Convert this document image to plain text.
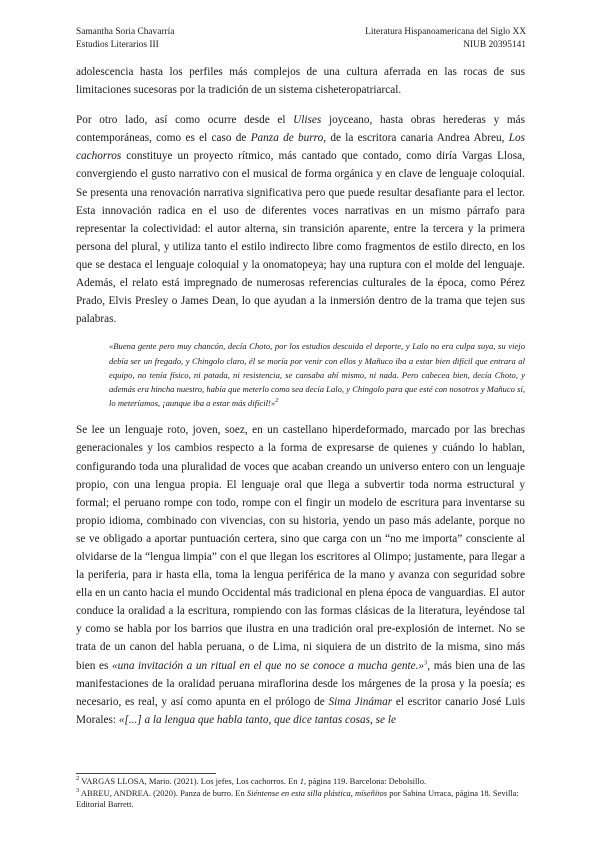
Samantha Soria Chavarría
Estudios Literarios III
Literatura Hispanoamericana del Siglo XX
NIUB 20395141

adolescencia hasta los perfiles más complejos de una cultura aferrada en las rocas de sus limitaciones sucesoras por la tradición de un sistema cisheteropatriarcal.

Por otro lado, así como ocurre desde el Ulises joyceano, hasta obras herederas y más contemporáneas, como es el caso de Panza de burro, de la escritora canaria Andrea Abreu, Los cachorros constituye un proyecto rítmico, más cantado que contado, como diría Vargas Llosa, convergiendo el gusto narrativo con el musical de forma orgánica y en clave de lenguaje coloquial. Se presenta una renovación narrativa significativa pero que puede resultar desafiante para el lector. Esta innovación radica en el uso de diferentes voces narrativas en un mismo párrafo para representar la colectividad: el autor alterna, sin transición aparente, entre la tercera y la primera persona del plural, y utiliza tanto el estilo indirecto libre como fragmentos de estilo directo, en los que se destaca el lenguaje coloquial y la onomatopeya; hay una ruptura con el molde del lenguaje. Además, el relato está impregnado de numerosas referencias culturales de la época, como Pérez Prado, Elvis Presley o James Dean, lo que ayudan a la inmersión dentro de la trama que tejen sus palabras.

«Buena gente pero muy chancón, decía Choto, por los estudios descuida el deporte, y Lalo no era culpa suya, su viejo debía ser un fregado, y Chingolo claro, él se moría por venir con ellos y Mañuco iba a estar bien difícil que entrara al equipo, no tenía físico, ni patada, ni resistencia, se cansaba ahí mismo, ni nada. Pero cabecea bien, decía Choto, y además era hincha nuestro, había que meterlo como sea decía Lalo, y Chingolo para que esté con nosotros y Mañuco sí, lo meteríamos, ¡aunque iba a estar más difícil!»$^2$

Se lee un lenguaje roto, joven, soez, en un castellano hiperdeformado, marcado por las brechas generacionales y los cambios respecto a la forma de expresarse de quienes y cuándo lo hablan, configurando toda una pluralidad de voces que acaban creando un universo entero con un lenguaje propio, con una lengua propia. El lenguaje oral que llega a subvertir toda norma estructural y formal; el peruano rompe con todo, rompe con el fingir un modelo de escritura para inventarse su propio idioma, combinado con vivencias, con su historia, yendo un paso más adelante, porque no se ve obligado a aportar puntuación certera, sino que carga con un “no me importa” consciente al olvidarse de la “lengua limpia” con el que llegan los escritores al Olimpo; justamente, para llegar a la periferia, para ir hasta ella, toma la lengua periférica de la mano y avanza con seguridad sobre ella en un canto hacia el mundo Occidental más tradicional en plena época de vanguardias. El autor conduce la oralidad a la escritura, rompiendo con las formas clásicas de la literatura, leyéndose tal y como se habla por los barrios que ilustra en una tradición oral pre-explosión de internet. No se trata de un canon del habla peruana, o de Lima, ni siquiera de un distrito de la misma, sino más bien es «una invitación a un ritual en el que no se conoce a mucha gente.»$^3$, más bien una de las manifestaciones de la oralidad peruana miraflorina desde los márgenes de la prosa y la poesía; es necesario, es real, y así como apunta en el prólogo de Sima Jinámar el escritor canario José Luis Morales: «[...] a la lengua que habla tanto, que dice tantas cosas, se le

$^2$ VARGAS LLOSA, Mario. (2021). Los jefes, Los cachorros. En 1, página 119. Barcelona: Debolsillo.
$^3$ ABREU, ANDREA. (2020). Panza de burro. En Siéntense en esta silla plástica, míseñitos por Sabina Urraca, página 18. Sevilla: Editorial Barrett.
